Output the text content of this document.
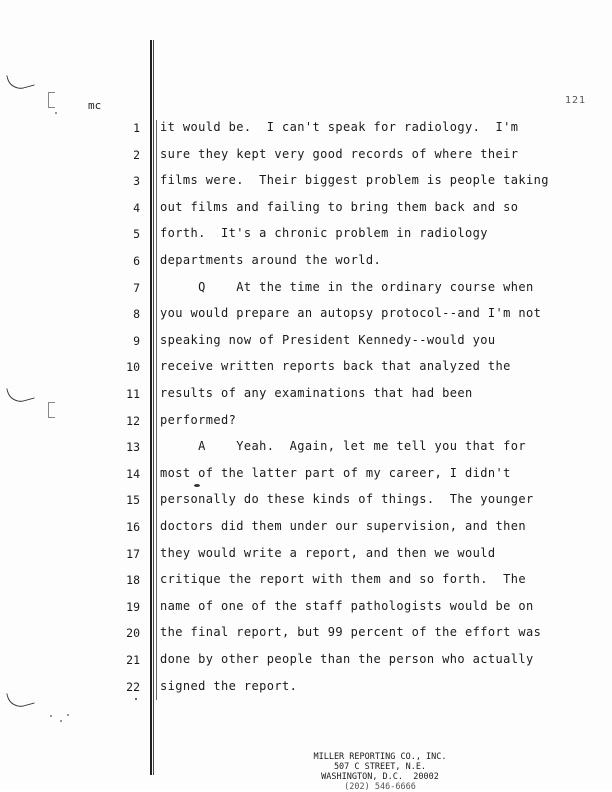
mc	121
1 it would be.  I can't speak for radiology.  I'm
2 sure they kept very good records of where their
3 films were.  Their biggest problem is people taking
4 out films and failing to bring them back and so
5 forth.  It's a chronic problem in radiology
6 departments around the world.
7 Q    At the time in the ordinary course when
8 you would prepare an autopsy protocol--and I'm not
9 speaking now of President Kennedy--would you
10 receive written reports back that analyzed the
11 results of any examinations that had been
12 performed?
13 A    Yeah.  Again, let me tell you that for
14 most of the latter part of my career, I didn't
15 personally do these kinds of things.  The younger
16 doctors did them under our supervision, and then
17 they would write a report, and then we would
18 critique the report with them and so forth.  The
19 name of one of the staff pathologists would be on
20 the final report, but 99 percent of the effort was
21 done by other people than the person who actually
22 signed the report.
MILLER REPORTING CO., INC.
507 C STREET, N.E.
WASHINGTON, D.C.  20002
(202) 546-6666
